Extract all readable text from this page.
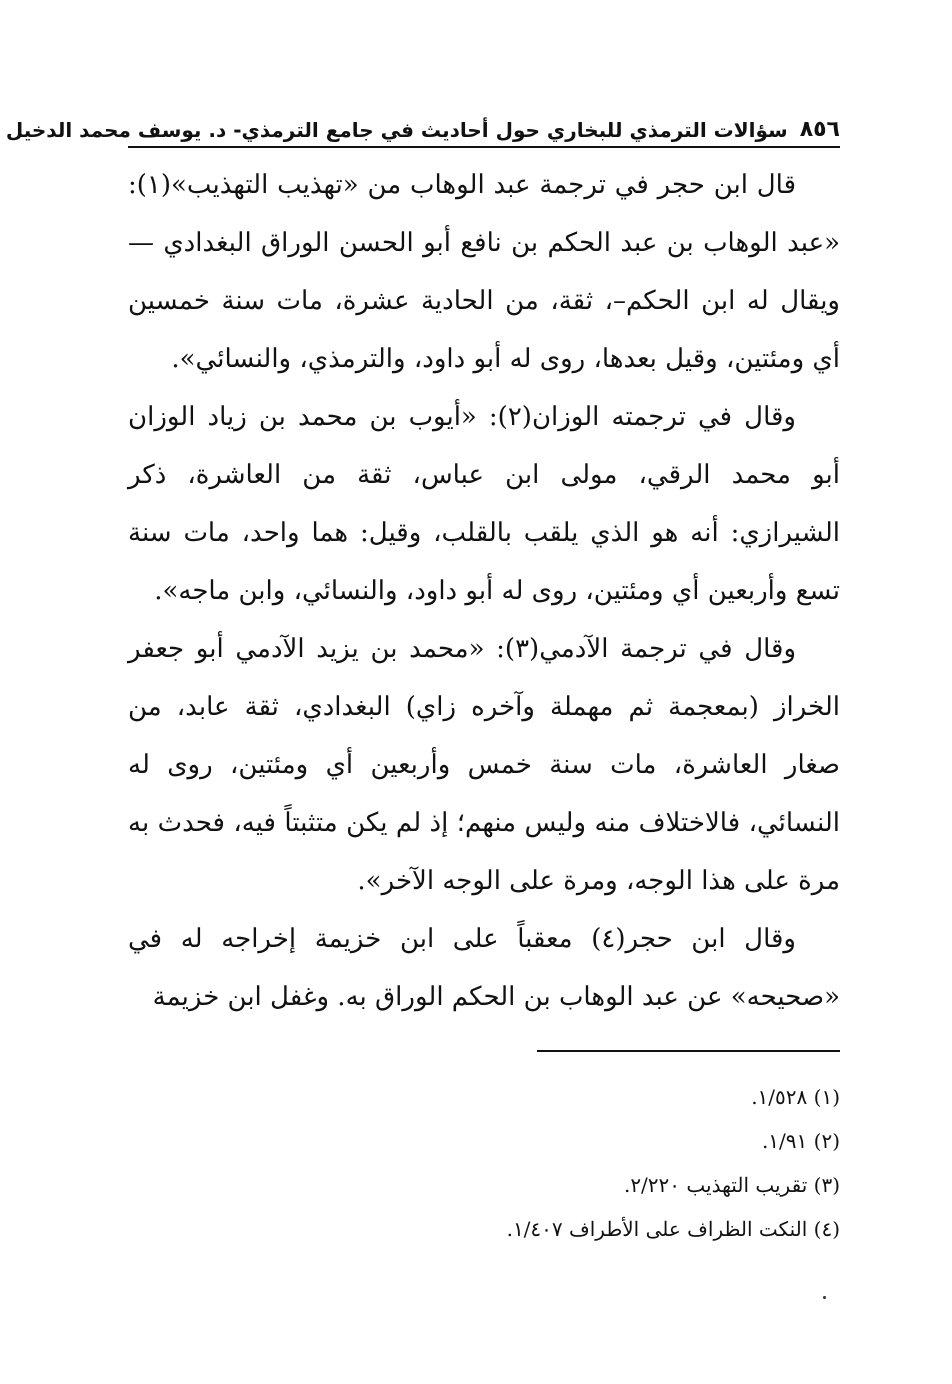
٨٥٦
سؤالات الترمذي للبخاري حول أحاديث في جامع الترمذي- د. يوسف محمد الدخيل

قال ابن حجر في ترجمة عبد الوهاب من «تهذيب التهذيب»(١): «عبد الوهاب بن عبد الحكم بن نافع أبو الحسن الوراق البغدادي —ويقال له ابن الحكم–، ثقة، من الحادية عشرة، مات سنة خمسين أي ومئتين، وقيل بعدها، روى له أبو داود، والترمذي، والنسائي».

وقال في ترجمته الوزان(٢): «أيوب بن محمد بن زياد الوزان أبو محمد الرقي، مولى ابن عباس، ثقة من العاشرة، ذكر الشيرازي: أنه هو الذي يلقب بالقلب، وقيل: هما واحد، مات سنة تسع وأربعين أي ومئتين، روى له أبو داود، والنسائي، وابن ماجه».

وقال في ترجمة الآدمي(٣): «محمد بن يزيد الآدمي أبو جعفر الخراز (بمعجمة ثم مهملة وآخره زاي) البغدادي، ثقة عابد، من صغار العاشرة، مات سنة خمس وأربعين أي ومئتين، روى له النسائي، فالاختلاف منه وليس منهم؛ إذ لم يكن متثبتاً فيه، فحدث به مرة على هذا الوجه، ومرة على الوجه الآخر».

وقال ابن حجر(٤) معقباً على ابن خزيمة إخراجه له في «صحيحه» عن عبد الوهاب بن الحكم الوراق به. وغفل ابن خزيمة

(١) ١/٥٢٨.
(٢) ١/٩١.
(٣) تقريب التهذيب ٢/٢٢٠.
(٤) النكت الظراف على الأطراف ١/٤٠٧.
